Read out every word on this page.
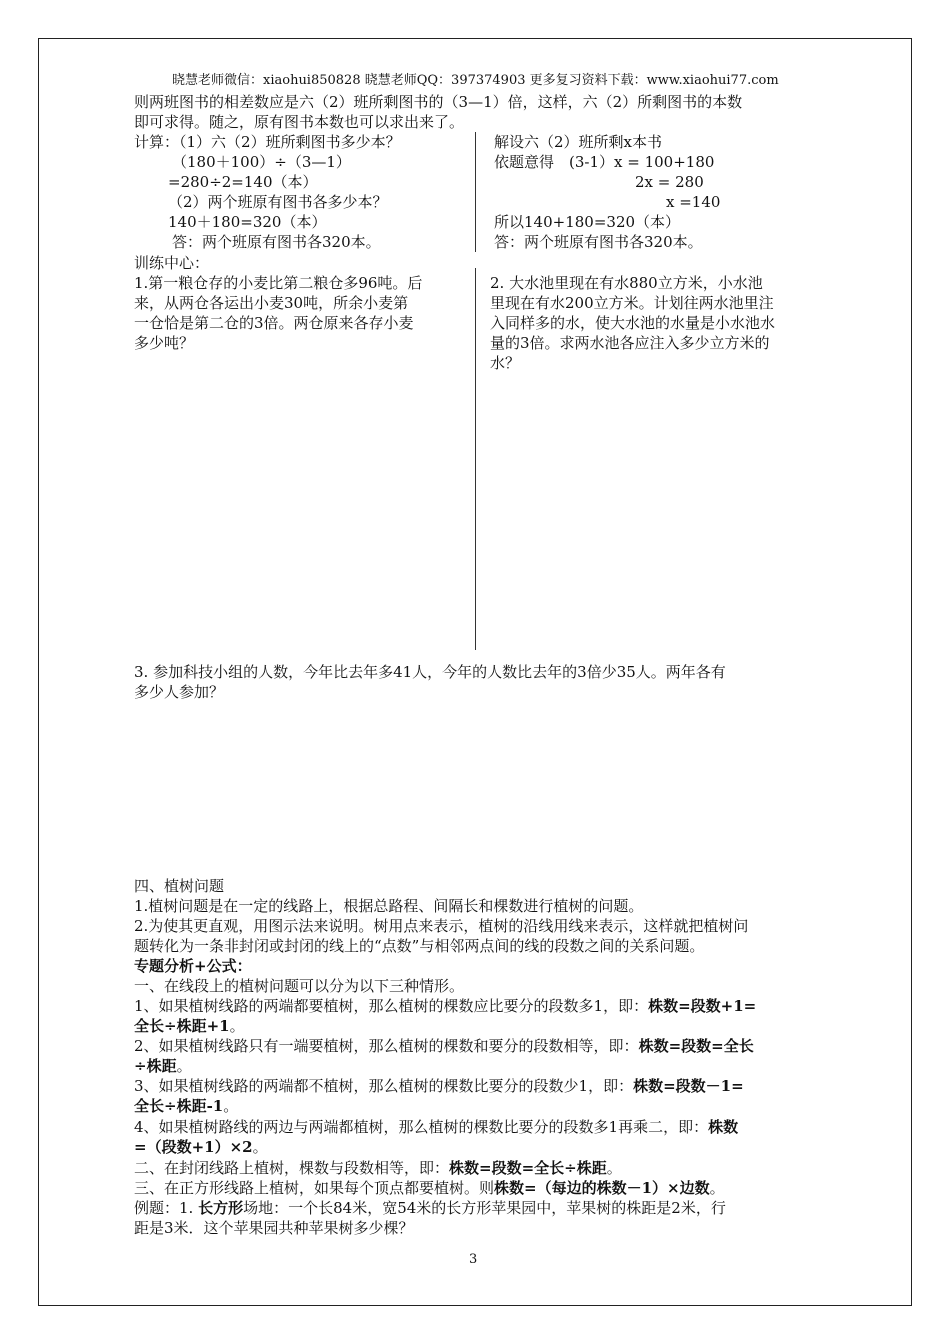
晓慧老师微信：xiaohui850828 晓慧老师QQ：397374903 更多复习资料下载：www.xiaohui77.com
则两班图书的相差数应是六（2）班所剩图书的（3—1）倍，这样，六（2）所剩图书的本数
即可求得。随之，原有图书本数也可以求出来了。
计算：（1）六（2）班所剩图书多少本？
（180＋100）÷（3—1）
=280÷2=140（本）
（2）两个班原有图书各多少本？
140＋180=320（本）
答：两个班原有图书各320本。
解设六（2）班所剩x本书
依题意得　(3-1）x = 100+180
2x = 280
x =140
所以140+180=320（本）
答：两个班原有图书各320本。
训练中心：
1.第一粮仓存的小麦比第二粮仓多96吨。后
来，从两仓各运出小麦30吨，所余小麦第
一仓恰是第二仓的3倍。两仓原来各存小麦
多少吨？
2. 大水池里现在有水880立方米，小水池
里现在有水200立方米。计划往两水池里注
入同样多的水，使大水池的水量是小水池水
量的3倍。求两水池各应注入多少立方米的
水？
3. 参加科技小组的人数，今年比去年多41人，今年的人数比去年的3倍少35人。两年各有
多少人参加？
四、植树问题
1.植树问题是在一定的线路上，根据总路程、间隔长和棵数进行植树的问题。
2.为使其更直观，用图示法来说明。树用点来表示，植树的沿线用线来表示，这样就把植树问
题转化为一条非封闭或封闭的线上的“点数”与相邻两点间的线的段数之间的关系问题。
专题分析+公式：
一、在线段上的植树问题可以分为以下三种情形。
1、如果植树线路的两端都要植树，那么植树的棵数应比要分的段数多1，即：株数=段数+1=
全长÷株距+1。
2、如果植树线路只有一端要植树，那么植树的棵数和要分的段数相等，即：株数=段数=全长
÷株距。
3、如果植树线路的两端都不植树，那么植树的棵数比要分的段数少1，即：株数=段数－1=
全长÷株距-1。
4、如果植树路线的两边与两端都植树，那么植树的棵数比要分的段数多1再乘二，即：株数
=（段数+1）×2。
二、在封闭线路上植树，棵数与段数相等，即：株数=段数=全长÷株距。
三、在正方形线路上植树，如果每个顶点都要植树。则株数=（每边的株数－1）×边数。
例题：1. 长方形场地：一个长84米，宽54米的长方形苹果园中，苹果树的株距是2米，行
距是3米．这个苹果园共种苹果树多少棵？
3
